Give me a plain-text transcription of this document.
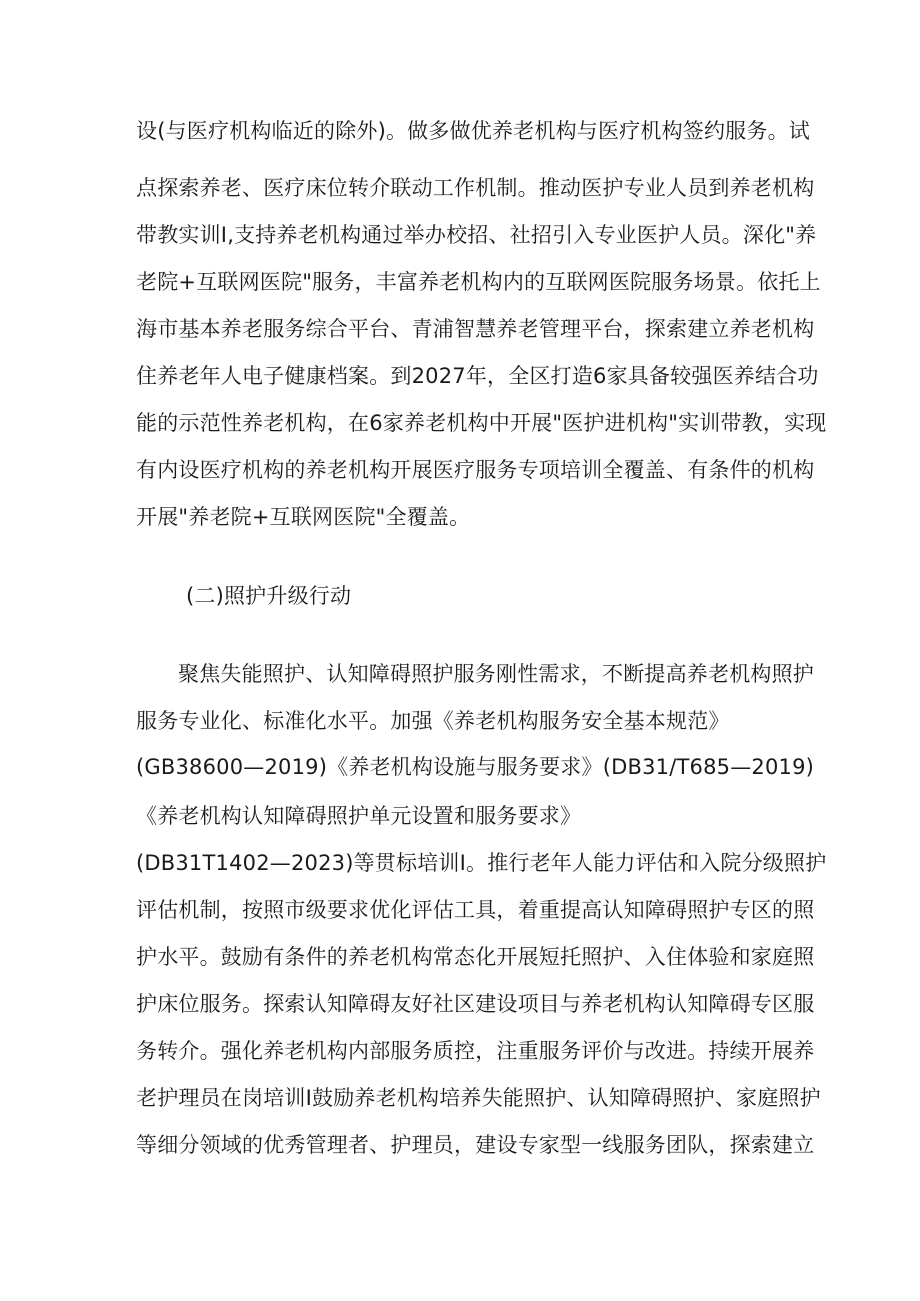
设(与医疗机构临近的除外)。做多做优养老机构与医疗机构签约服务。试
点探索养老、医疗床位转介联动工作机制。推动医护专业人员到养老机构
带教实训I,支持养老机构通过举办校招、社招引入专业医护人员。深化"养
老院+互联网医院"服务，丰富养老机构内的互联网医院服务场景。依托上
海市基本养老服务综合平台、青浦智慧养老管理平台，探索建立养老机构
住养老年人电子健康档案。到2027年，全区打造6家具备较强医养结合功
能的示范性养老机构，在6家养老机构中开展"医护进机构"实训带教，实现
有内设医疗机构的养老机构开展医疗服务专项培训全覆盖、有条件的机构
开展"养老院+互联网医院"全覆盖。
(二)照护升级行动
聚焦失能照护、认知障碍照护服务刚性需求，不断提高养老机构照护
服务专业化、标准化水平。加强《养老机构服务安全基本规范》
(GB38600—2019)《养老机构设施与服务要求》(DB31/T685—2019)
《养老机构认知障碍照护单元设置和服务要求》
(DB31T1402—2023)等贯标培训I。推行老年人能力评估和入院分级照护
评估机制，按照市级要求优化评估工具，着重提高认知障碍照护专区的照
护水平。鼓励有条件的养老机构常态化开展短托照护、入住体验和家庭照
护床位服务。探索认知障碍友好社区建设项目与养老机构认知障碍专区服
务转介。强化养老机构内部服务质控，注重服务评价与改进。持续开展养
老护理员在岗培训I鼓励养老机构培养失能照护、认知障碍照护、家庭照护
等细分领域的优秀管理者、护理员，建设专家型一线服务团队，探索建立
